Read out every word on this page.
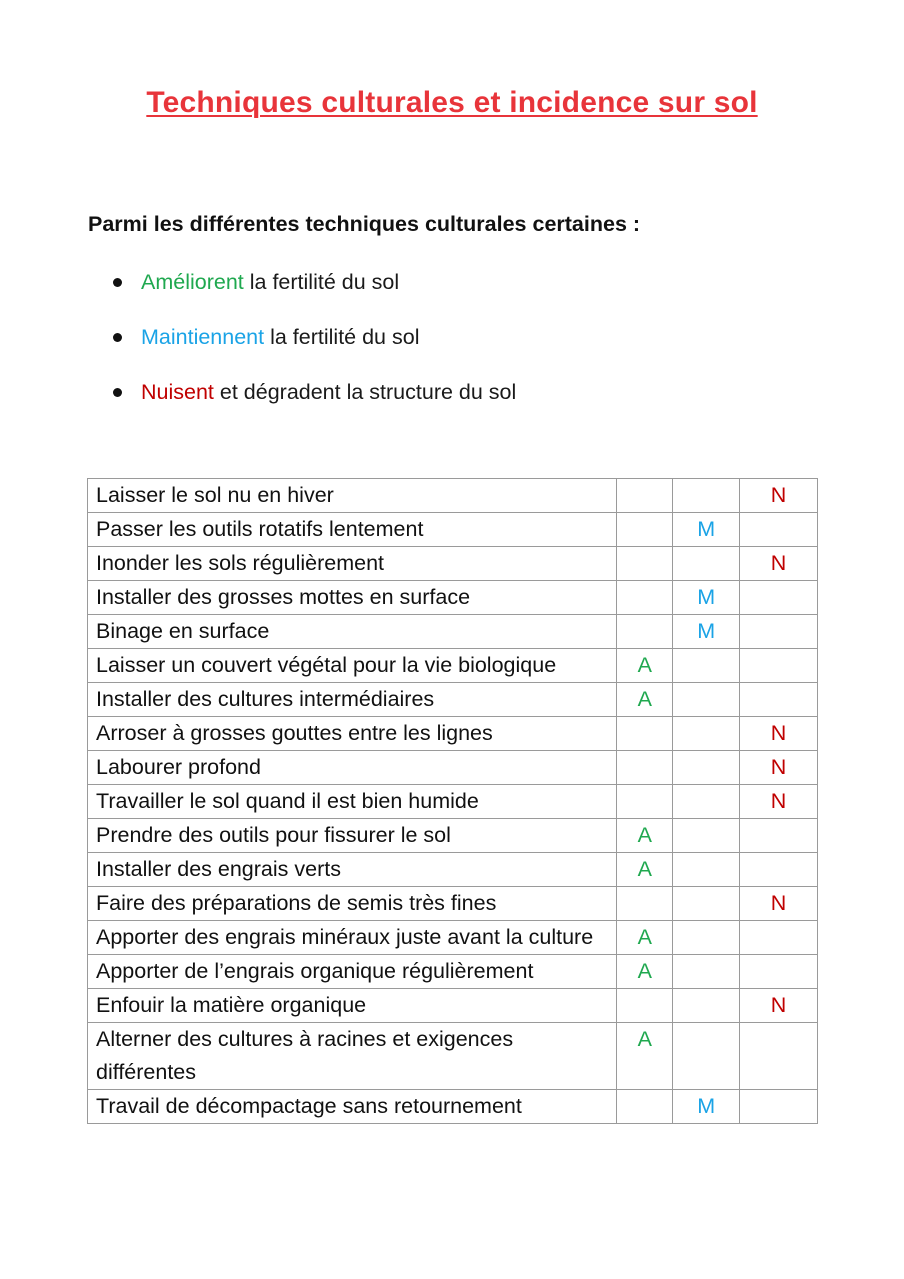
Techniques culturales et incidence sur sol
Parmi les différentes techniques culturales certaines :
Améliorent la fertilité du sol
Maintiennent la fertilité du sol
Nuisent et dégradent la structure du sol
Laisser le sol nu en hiver			N
Passer les outils rotatifs lentement		M	
Inonder les sols régulièrement			N
Installer des grosses mottes en surface		M	
Binage en surface		M	
Laisser un couvert végétal pour la vie biologique	A		
Installer des cultures intermédiaires	A		
Arroser à grosses gouttes entre les lignes			N
Labourer profond			N
Travailler le sol quand il est bien humide			N
Prendre des outils pour fissurer le sol	A		
Installer des engrais verts	A		
Faire des préparations de semis très fines			N
Apporter des engrais minéraux juste avant la culture	A		
Apporter de l’engrais organique régulièrement	A		
Enfouir la matière organique			N
Alterner des cultures à racines et exigences différentes	A		
Travail de décompactage sans retournement		M	
